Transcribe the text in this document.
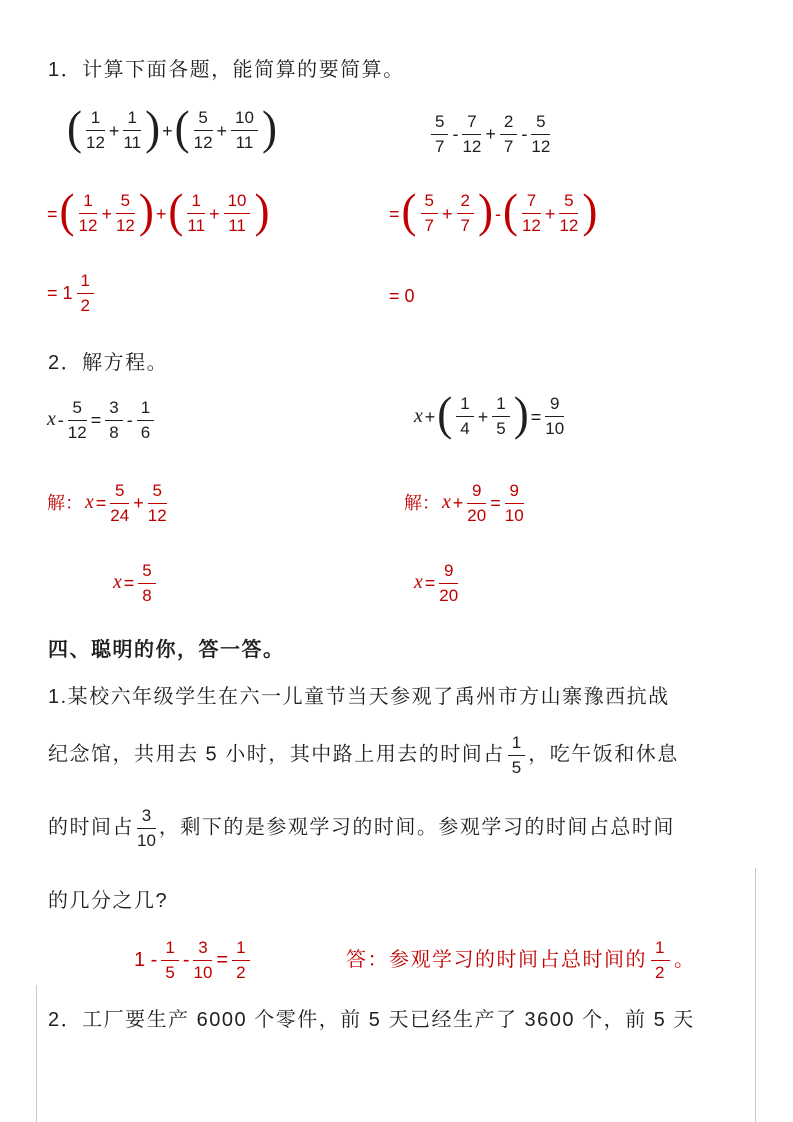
1．计算下面各题，能简算的要简算。
( $\frac{1}{12} + \frac{1}{11}$ )+( $\frac{5}{12} + \frac{10}{11}$ )	$\frac{5}{7} - \frac{7}{12} + \frac{2}{7} - \frac{5}{12}$
=( $\frac{1}{12} + \frac{5}{12}$ )+( $\frac{1}{11} + \frac{10}{11}$ )	=( $\frac{5}{7} + \frac{2}{7}$ )-( $\frac{7}{12} + \frac{5}{12}$ )
= $1 \frac{1}{2}$	= 0
2．解方程。
$x- \frac{5}{12} = \frac{3}{8} - \frac{1}{6}$	$x+( \frac{1}{4} + \frac{1}{5}$ )= $\frac{9}{10}$
解：$x= \frac{5}{24} + \frac{5}{12}$	解：$x+ \frac{9}{20} = \frac{9}{10}$
$x= \frac{5}{8}$	$x= \frac{9}{20}$
四、聪明的你，答一答。
1.某校六年级学生在六一儿童节当天参观了禹州市方山寨豫西抗战
纪念馆，共用去 5 小时，其中路上用去的时间占 $\frac{1}{5}$ ，吃午饭和休息
的时间占 $\frac{3}{10}$ ，剩下的是参观学习的时间。参观学习的时间占总时间
的几分之几?
$1 - \frac{1}{5} - \frac{3}{10} = \frac{1}{2}$	答：参观学习的时间占总时间的 $\frac{1}{2}$ 。
2．工厂要生产 6000 个零件，前 5 天已经生产了 3600 个，前 5 天
